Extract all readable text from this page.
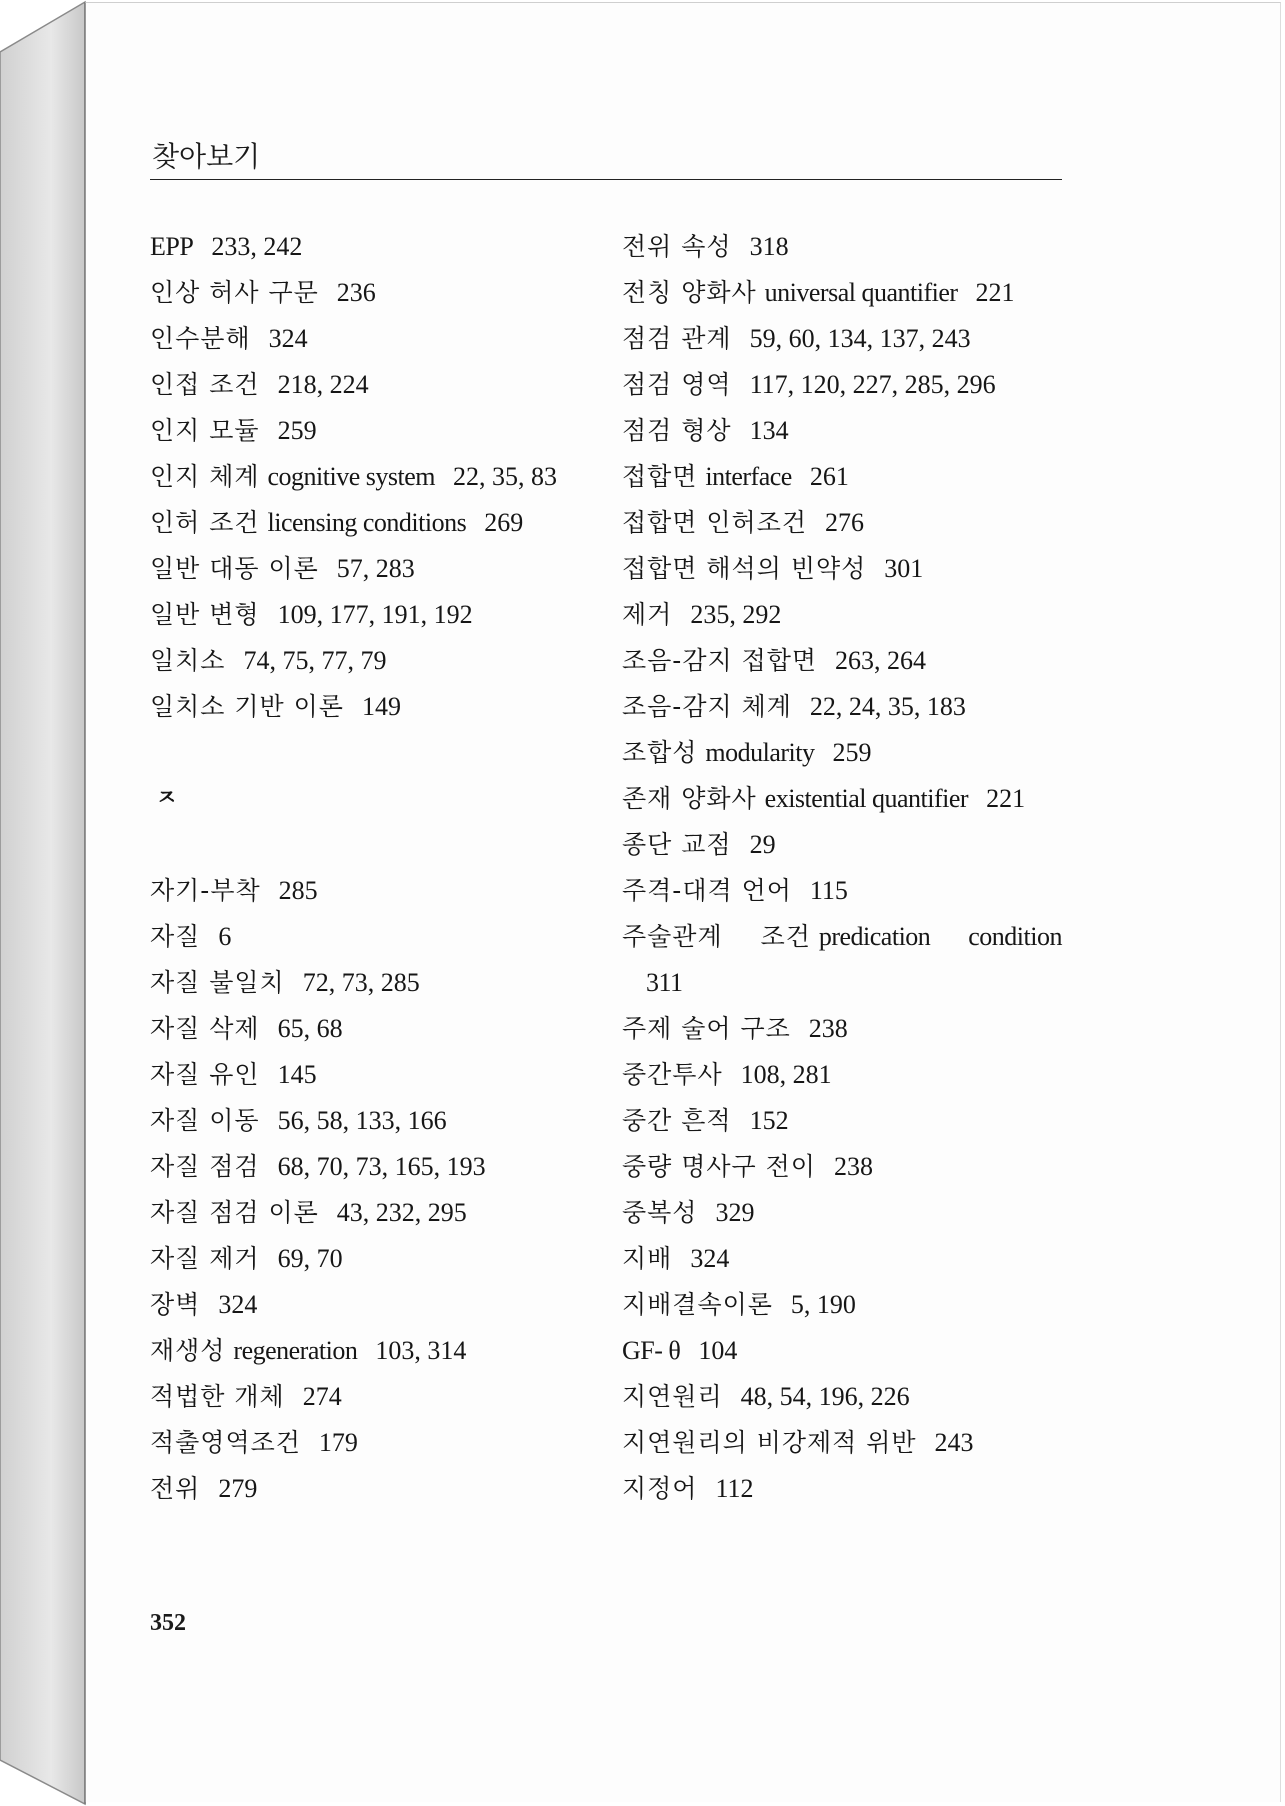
찾아보기
EPP 233, 242
인상 허사 구문 236
인수분해 324
인접 조건 218, 224
인지 모듈 259
인지 체계 cognitive system 22, 35, 83
인허 조건 licensing conditions 269
일반 대동 이론 57, 283
일반 변형 109, 177, 191, 192
일치소 74, 75, 77, 79
일치소 기반 이론 149
ㅈ
자기-부착 285
자질 6
자질 불일치 72, 73, 285
자질 삭제 65, 68
자질 유인 145
자질 이동 56, 58, 133, 166
자질 점검 68, 70, 73, 165, 193
자질 점검 이론 43, 232, 295
자질 제거 69, 70
장벽 324
재생성 regeneration 103, 314
적법한 개체 274
적출영역조건 179
전위 279
전위 속성 318
전칭 양화사 universal quantifier 221
점검 관계 59, 60, 134, 137, 243
점검 영역 117, 120, 227, 285, 296
점검 형상 134
접합면 interface 261
접합면 인허조건 276
접합면 해석의 빈약성 301
제거 235, 292
조음-감지 접합면 263, 264
조음-감지 체계 22, 24, 35, 183
조합성 modularity 259
존재 양화사 existential quantifier 221
종단 교점 29
주격-대격 언어 115
주술관계 조건 predication condition
311
주제 술어 구조 238
중간투사 108, 281
중간 흔적 152
중량 명사구 전이 238
중복성 329
지배 324
지배결속이론 5, 190
GF- θ 104
지연원리 48, 54, 196, 226
지연원리의 비강제적 위반 243
지정어 112
352
